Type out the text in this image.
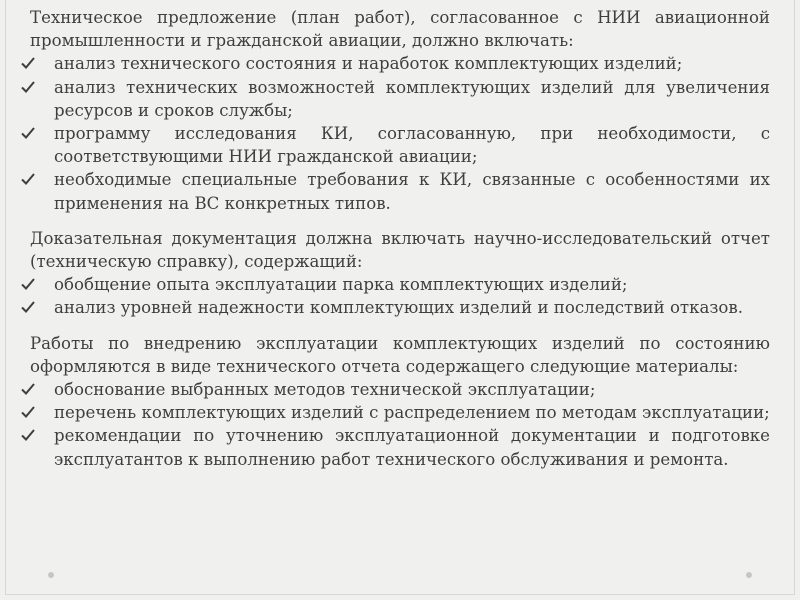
Техническое предложение (план работ), согласованное с НИИ авиационной промышленности и гражданской авиации, должно включать:

анализ технического состояния и наработок комплектующих изделий;
анализ технических возможностей комплектующих изделий для увеличения ресурсов и сроков службы;
программу исследования КИ, согласованную, при необходимости, с соответствующими НИИ гражданской авиации;
необходимые специальные требования к КИ, связанные с особенностями их применения на ВС конкретных типов.

Доказательная документация должна включать научно-исследовательский отчет (техническую справку), содержащий:

обобщение опыта эксплуатации парка комплектующих изделий;
анализ уровней надежности комплектующих изделий и последствий отказов.

Работы по внедрению эксплуатации комплектующих изделий по состоянию оформляются в виде технического отчета содержащего следующие материалы:

обоснование выбранных методов технической эксплуатации;
перечень комплектующих изделий с распределением по методам эксплуатации;
рекомендации по уточнению эксплуатационной документации и подготовке эксплуатантов к выполнению работ технического обслуживания и ремонта.
